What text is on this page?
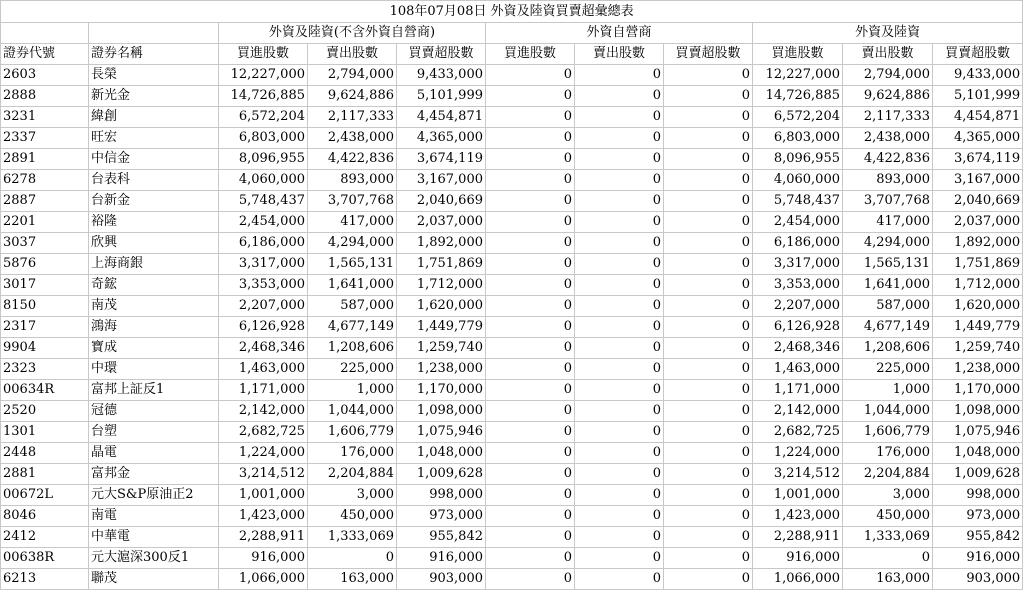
108年07月08日 外資及陸資買賣超彙總表										
		外資及陸資(不含外資自營商)			外資自營商			外資及陸資		
證券代號	證券名稱	買進股數	賣出股數	買賣超股數	買進股數	賣出股數	買賣超股數	買進股數	賣出股數	買賣超股數
2603	長榮	12,227,000	2,794,000	9,433,000	0	0	0	12,227,000	2,794,000	9,433,000
2888	新光金	14,726,885	9,624,886	5,101,999	0	0	0	14,726,885	9,624,886	5,101,999
3231	緯創	6,572,204	2,117,333	4,454,871	0	0	0	6,572,204	2,117,333	4,454,871
2337	旺宏	6,803,000	2,438,000	4,365,000	0	0	0	6,803,000	2,438,000	4,365,000
2891	中信金	8,096,955	4,422,836	3,674,119	0	0	0	8,096,955	4,422,836	3,674,119
6278	台表科	4,060,000	893,000	3,167,000	0	0	0	4,060,000	893,000	3,167,000
2887	台新金	5,748,437	3,707,768	2,040,669	0	0	0	5,748,437	3,707,768	2,040,669
2201	裕隆	2,454,000	417,000	2,037,000	0	0	0	2,454,000	417,000	2,037,000
3037	欣興	6,186,000	4,294,000	1,892,000	0	0	0	6,186,000	4,294,000	1,892,000
5876	上海商銀	3,317,000	1,565,131	1,751,869	0	0	0	3,317,000	1,565,131	1,751,869
3017	奇鋐	3,353,000	1,641,000	1,712,000	0	0	0	3,353,000	1,641,000	1,712,000
8150	南茂	2,207,000	587,000	1,620,000	0	0	0	2,207,000	587,000	1,620,000
2317	鴻海	6,126,928	4,677,149	1,449,779	0	0	0	6,126,928	4,677,149	1,449,779
9904	寶成	2,468,346	1,208,606	1,259,740	0	0	0	2,468,346	1,208,606	1,259,740
2323	中環	1,463,000	225,000	1,238,000	0	0	0	1,463,000	225,000	1,238,000
00634R	富邦上証反1	1,171,000	1,000	1,170,000	0	0	0	1,171,000	1,000	1,170,000
2520	冠德	2,142,000	1,044,000	1,098,000	0	0	0	2,142,000	1,044,000	1,098,000
1301	台塑	2,682,725	1,606,779	1,075,946	0	0	0	2,682,725	1,606,779	1,075,946
2448	晶電	1,224,000	176,000	1,048,000	0	0	0	1,224,000	176,000	1,048,000
2881	富邦金	3,214,512	2,204,884	1,009,628	0	0	0	3,214,512	2,204,884	1,009,628
00672L	元大S&P原油正2	1,001,000	3,000	998,000	0	0	0	1,001,000	3,000	998,000
8046	南電	1,423,000	450,000	973,000	0	0	0	1,423,000	450,000	973,000
2412	中華電	2,288,911	1,333,069	955,842	0	0	0	2,288,911	1,333,069	955,842
00638R	元大滬深300反1	916,000	0	916,000	0	0	0	916,000	0	916,000
6213	聯茂	1,066,000	163,000	903,000	0	0	0	1,066,000	163,000	903,000
